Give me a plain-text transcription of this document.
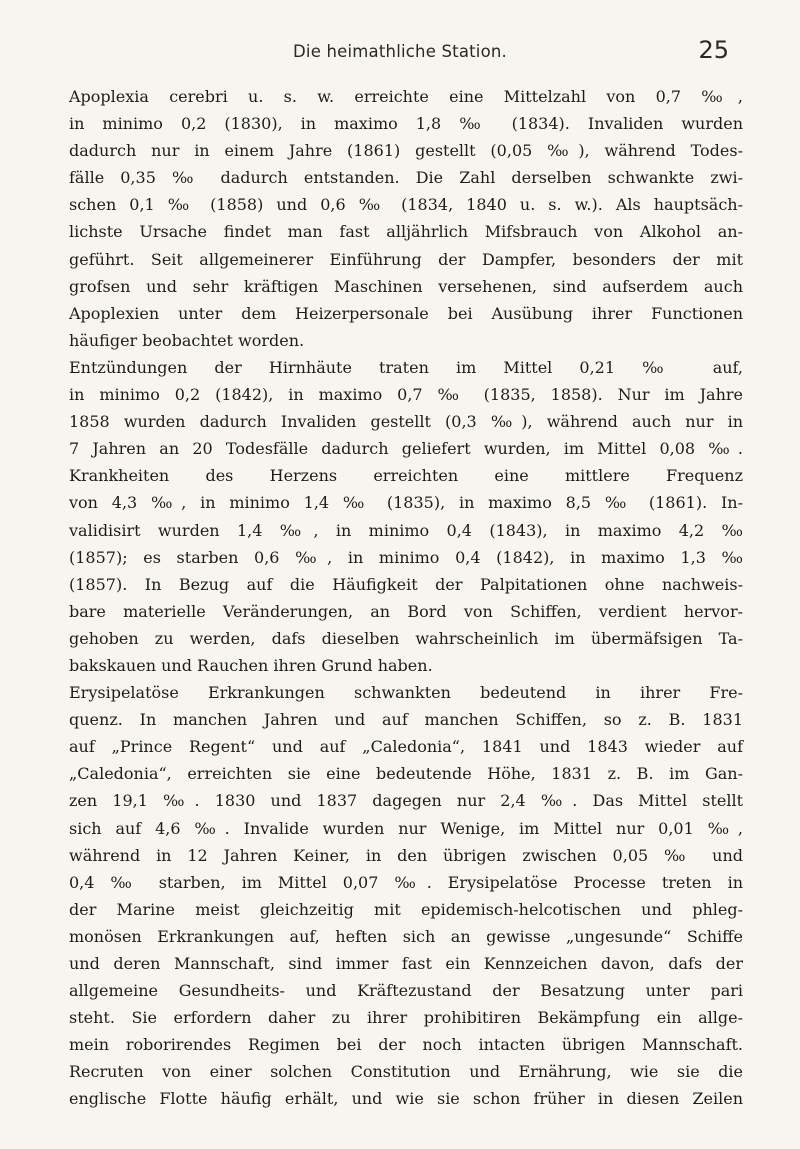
Die heimathliche Station.	25
Apoplexia cerebri u. s. w. erreichte eine Mittelzahl von 0,7 ‰,
in minimo 0,2 (1830), in maximo 1,8 ‰ (1834). Invaliden wurden
dadurch nur in einem Jahre (1861) gestellt (0,05 ‰), während Todes-
fälle 0,35 ‰ dadurch entstanden. Die Zahl derselben schwankte zwi-
schen 0,1 ‰ (1858) und 0,6 ‰ (1834, 1840 u. s. w.). Als hauptsäch-
lichste Ursache findet man fast alljährlich Mifsbrauch von Alkohol an-
geführt. Seit allgemeinerer Einführung der Dampfer, besonders der mit
grofsen und sehr kräftigen Maschinen versehenen, sind aufserdem auch
Apoplexien unter dem Heizerpersonale bei Ausübung ihrer Functionen
häufiger beobachtet worden.
Entzündungen der Hirnhäute traten im Mittel 0,21 ‰ auf,
in minimo 0,2 (1842), in maximo 0,7 ‰ (1835, 1858). Nur im Jahre
1858 wurden dadurch Invaliden gestellt (0,3 ‰), während auch nur in
7 Jahren an 20 Todesfälle dadurch geliefert wurden, im Mittel 0,08 ‰.
Krankheiten des Herzens erreichten eine mittlere Frequenz
von 4,3 ‰, in minimo 1,4 ‰ (1835), in maximo 8,5 ‰ (1861). In-
validisirt wurden 1,4 ‰, in minimo 0,4 (1843), in maximo 4,2 ‰
(1857); es starben 0,6 ‰, in minimo 0,4 (1842), in maximo 1,3 ‰
(1857). In Bezug auf die Häufigkeit der Palpitationen ohne nachweis-
bare materielle Veränderungen, an Bord von Schiffen, verdient hervor-
gehoben zu werden, dafs dieselben wahrscheinlich im übermäfsigen Ta-
bakskauen und Rauchen ihren Grund haben.
Erysipelatöse Erkrankungen schwankten bedeutend in ihrer Fre-
quenz. In manchen Jahren und auf manchen Schiffen, so z. B. 1831
auf „Prince Regent“ und auf „Caledonia“, 1841 und 1843 wieder auf
„Caledonia“, erreichten sie eine bedeutende Höhe, 1831 z. B. im Gan-
zen 19,1 ‰. 1830 und 1837 dagegen nur 2,4 ‰. Das Mittel stellt
sich auf 4,6 ‰. Invalide wurden nur Wenige, im Mittel nur 0,01 ‰,
während in 12 Jahren Keiner, in den übrigen zwischen 0,05 ‰ und
0,4 ‰ starben, im Mittel 0,07 ‰. Erysipelatöse Processe treten in
der Marine meist gleichzeitig mit epidemisch-helcotischen und phleg-
monösen Erkrankungen auf, heften sich an gewisse „ungesunde“ Schiffe
und deren Mannschaft, sind immer fast ein Kennzeichen davon, dafs der
allgemeine Gesundheits- und Kräftezustand der Besatzung unter pari
steht. Sie erfordern daher zu ihrer prohibitiren Bekämpfung ein allge-
mein roborirendes Regimen bei der noch intacten übrigen Mannschaft.
Recruten von einer solchen Constitution und Ernährung, wie sie die
englische Flotte häufig erhält, und wie sie schon früher in diesen Zeilen
